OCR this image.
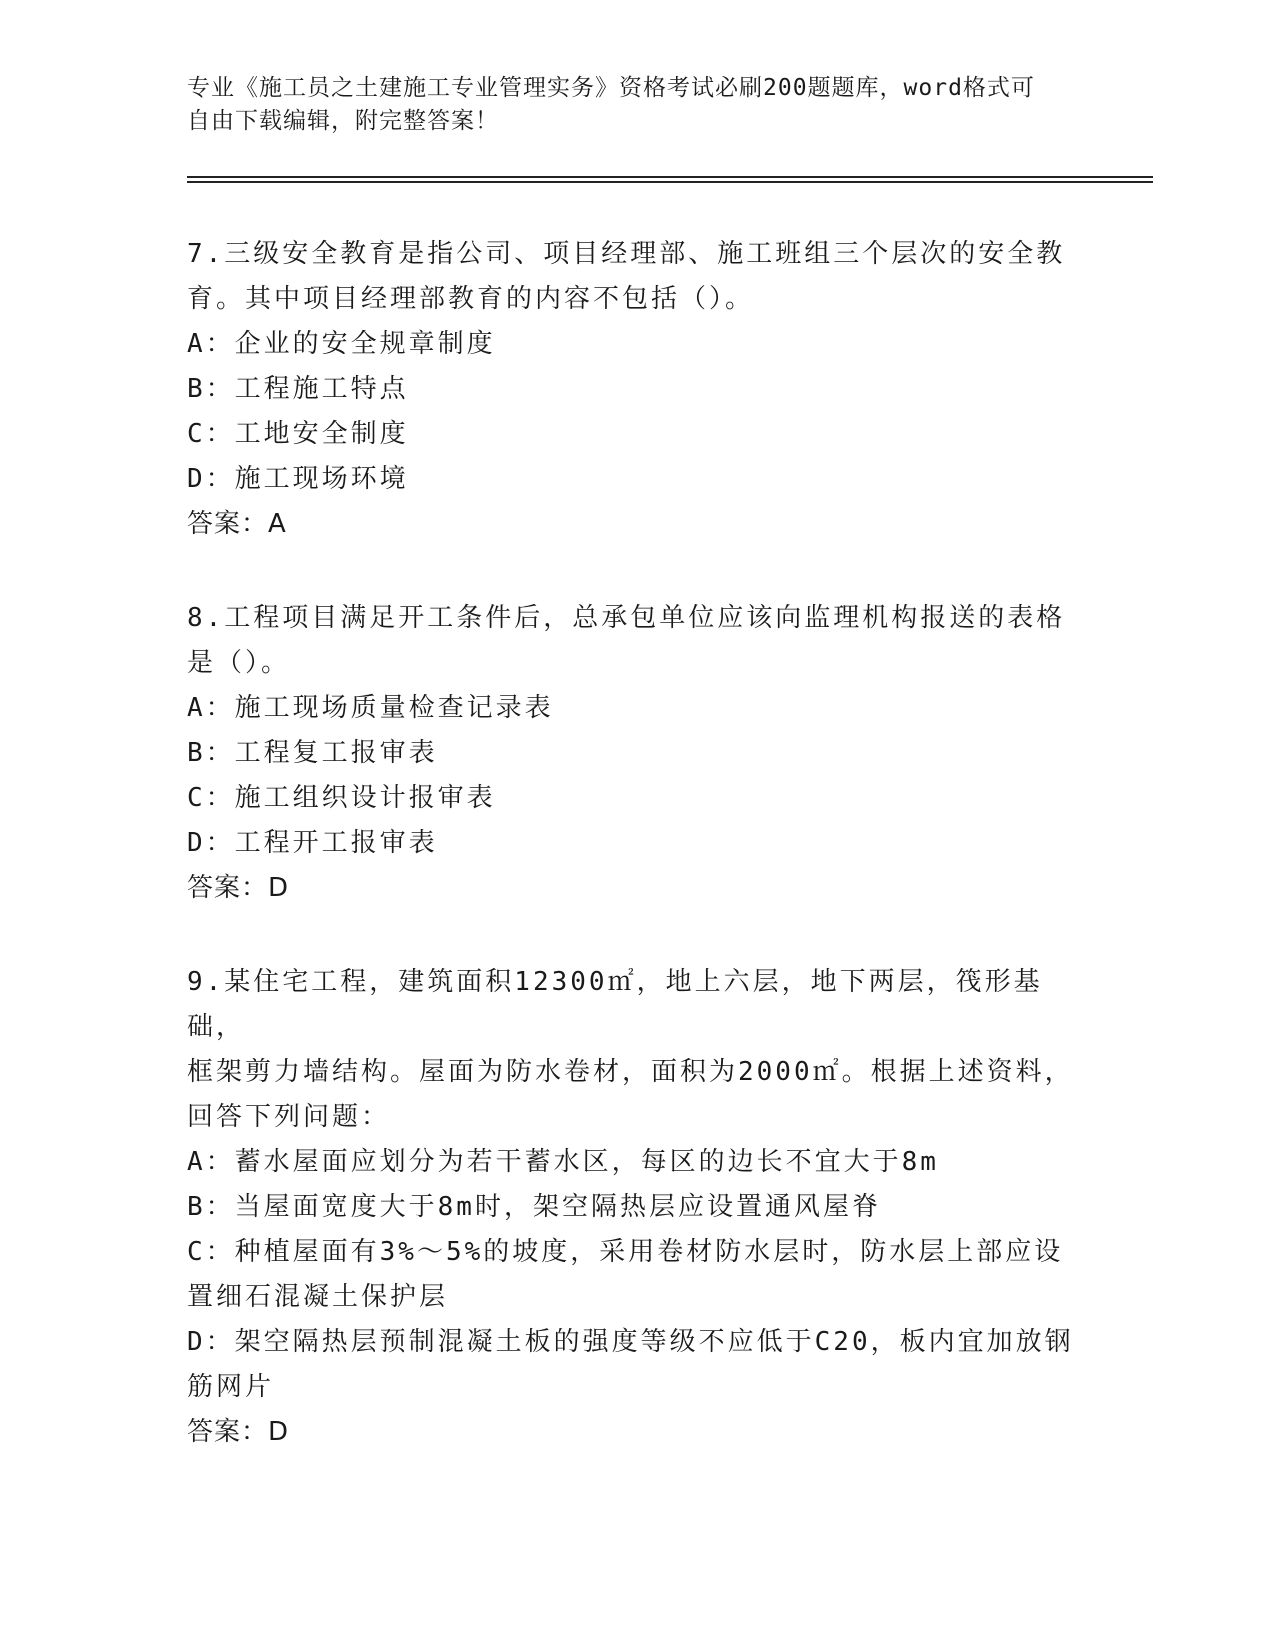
专业《施工员之土建施工专业管理实务》资格考试必刷200题题库，word格式可
自由下载编辑，附完整答案！

7.三级安全教育是指公司、项目经理部、施工班组三个层次的安全教

育。其中项目经理部教育的内容不包括（）。

A：企业的安全规章制度

B：工程施工特点

C：工地安全制度

D：施工现场环境

答案：A

8.工程项目满足开工条件后，总承包单位应该向监理机构报送的表格

是（）。

A：施工现场质量检查记录表

B：工程复工报审表

C：施工组织设计报审表

D：工程开工报审表

答案：D

9.某住宅工程，建筑面积12300㎡，地上六层，地下两层，筏形基础，

框架剪力墙结构。屋面为防水卷材，面积为2000㎡。根据上述资料，

回答下列问题：

A：蓄水屋面应划分为若干蓄水区，每区的边长不宜大于8m

B：当屋面宽度大于8m时，架空隔热层应设置通风屋脊

C：种植屋面有3%～5%的坡度，采用卷材防水层时，防水层上部应设

置细石混凝土保护层

D：架空隔热层预制混凝土板的强度等级不应低于C20，板内宜加放钢

筋网片

答案：D
